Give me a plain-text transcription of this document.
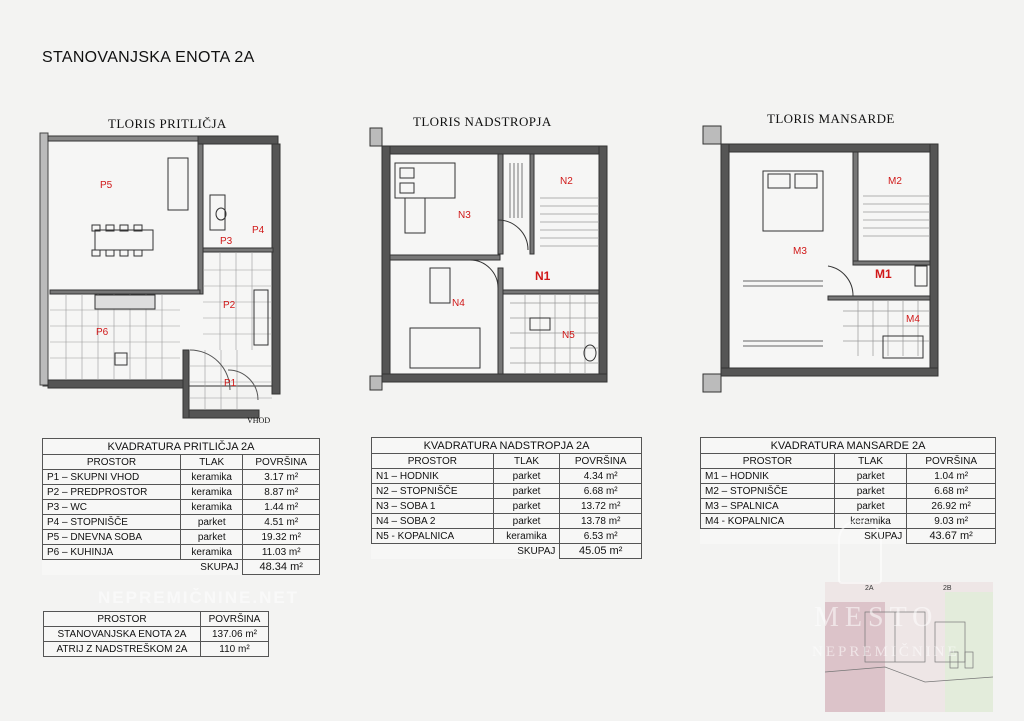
STANOVANJSKA ENOTA 2A
TLORIS PRITLIČJA	TLORIS NADSTROPJA	TLORIS MANSARDE
P5
P4
P3
P2
P6
P1
VHOD
N2
N3
N1
N4
N5
M2
M3
M1
M4
KVADRATURA PRITLIČJA 2A		
PROSTOR	TLAK	POVRŠINA
P1 – SKUPNI VHOD	keramika	3.17 m²
P2 – PREDPROSTOR	keramika	8.87 m²
P3 – WC	keramika	1.44 m²
P4 – STOPNIŠČE	parket	4.51 m²
P5 – DNEVNA SOBA	parket	19.32 m²
P6 – KUHINJA	keramika	11.03 m²
	SKUPAJ	48.34 m²
KVADRATURA NADSTROPJA 2A		
PROSTOR	TLAK	POVRŠINA
N1 – HODNIK	parket	4.34 m²
N2 – STOPNIŠČE	parket	6.68 m²
N3 – SOBA 1	parket	13.72 m²
N4 – SOBA 2	parket	13.78 m²
N5 - KOPALNICA	keramika	6.53 m²
	SKUPAJ	45.05 m²
KVADRATURA MANSARDE 2A		
PROSTOR	TLAK	POVRŠINA
M1 – HODNIK	parket	1.04 m²
M2 – STOPNIŠČE	parket	6.68 m²
M3 – SPALNICA	parket	26.92 m²
M4 - KOPALNICA	keramika	9.03 m²
	SKUPAJ	43.67 m²
PROSTOR	POVRŠINA
STANOVANJSKA ENOTA 2A	137.06 m²
ATRIJ Z NADSTREŠKOM 2A	110 m²
2A	2B
NEPREMIČNINE.NET
MESTO
NEPREMIČNINE
